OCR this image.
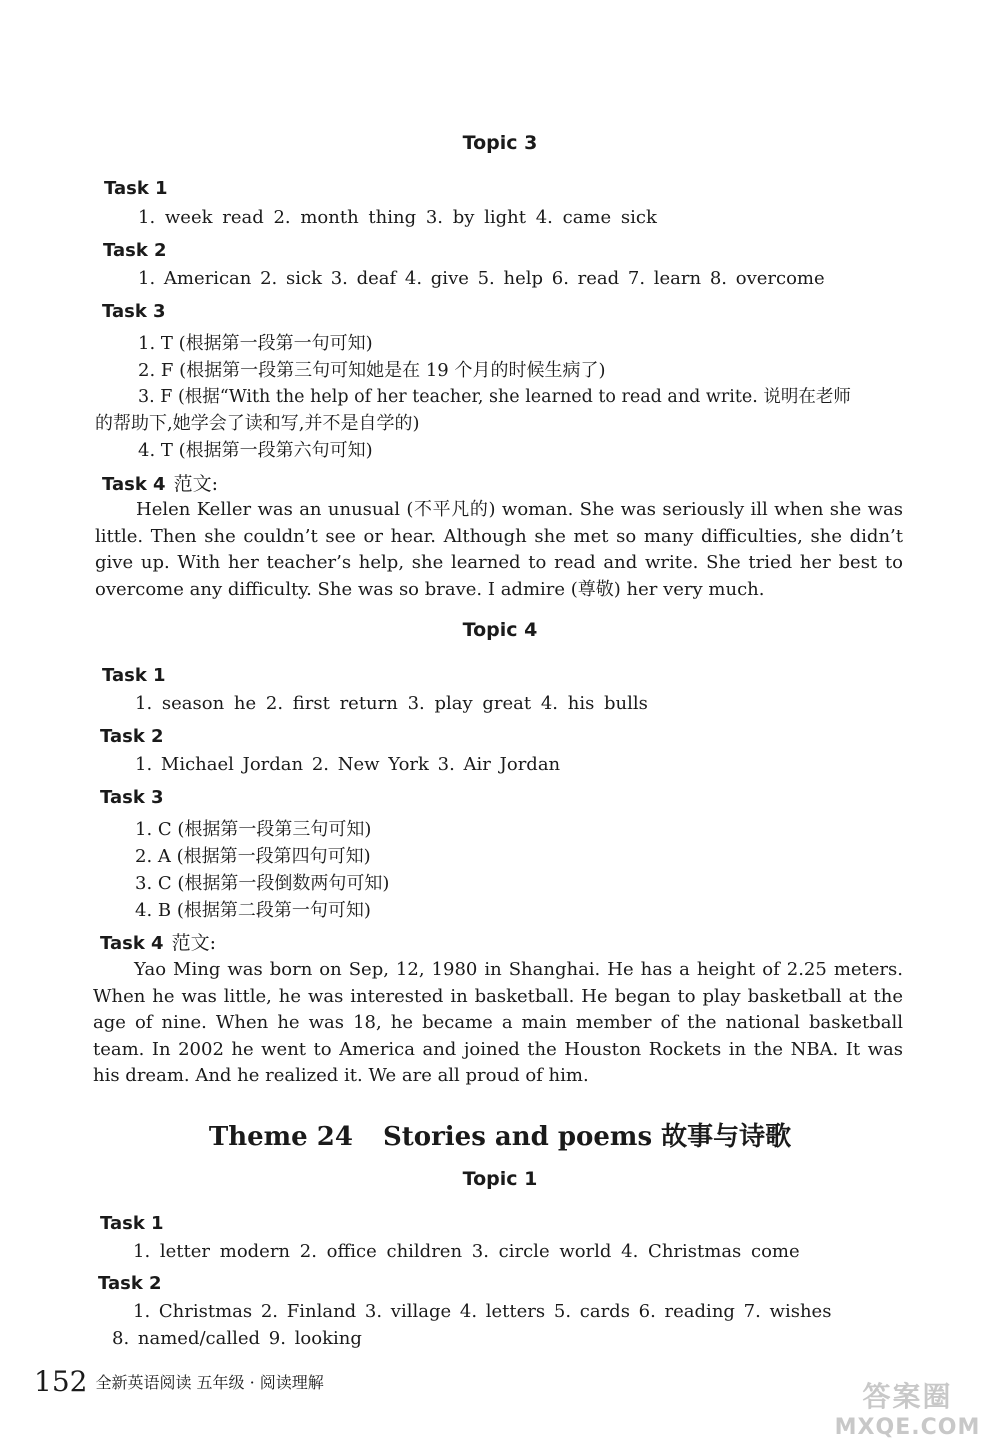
Topic 3
Task 1
1. week read 2. month thing 3. by light 4. came sick
Task 2
1. American 2. sick 3. deaf 4. give 5. help 6. read 7. learn 8. overcome
Task 3
1. T (根据第一段第一句可知)
2. F (根据第一段第三句可知她是在 19 个月的时候生病了)
3. F (根据“With the help of her teacher, she learned to read and write. 说明在老师
的帮助下,她学会了读和写,并不是自学的)
4. T (根据第一段第六句可知)
Task 4 范文:
Helen Keller was an unusual (不平凡的) woman. She was seriously ill when she was little. Then she couldn’t see or hear. Although she met so many difficulties, she didn’t give up. With her teacher’s help, she learned to read and write. She tried her best to overcome any difficulty. She was so brave. I admire (尊敬) her very much.
Topic 4
Task 1
1. season he 2. first return 3. play great 4. his bulls
Task 2
1. Michael Jordan 2. New York 3. Air Jordan
Task 3
1. C (根据第一段第三句可知)
2. A (根据第一段第四句可知)
3. C (根据第一段倒数两句可知)
4. B (根据第二段第一句可知)
Task 4 范文:
Yao Ming was born on Sep, 12, 1980 in Shanghai. He has a height of 2.25 meters. When he was little, he was interested in basketball. He began to play basketball at the age of nine. When he was 18, he became a main member of the national basketball team. In 2002 he went to America and joined the Houston Rockets in the NBA. It was his dream. And he realized it. We are all proud of him.
Theme 24 Stories and poems 故事与诗歌
Topic 1
Task 1
1. letter modern 2. office children 3. circle world 4. Christmas come
Task 2
1. Christmas 2. Finland 3. village 4. letters 5. cards 6. reading 7. wishes
8. named/called 9. looking
152 全新英语阅读 五年级 · 阅读理解	答案圈
MXQE.COM
